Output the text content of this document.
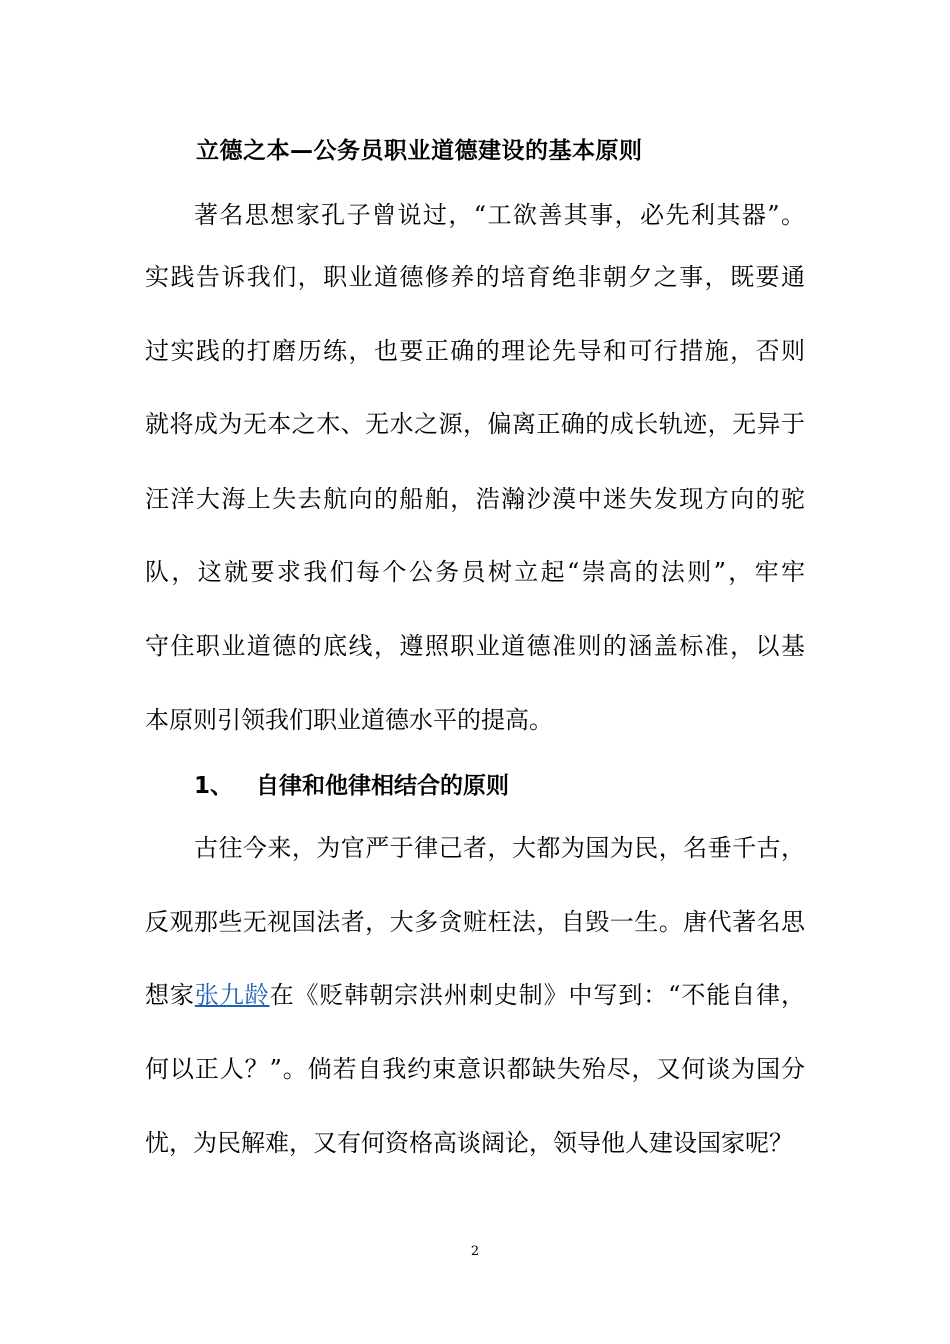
立德之本—公务员职业道德建设的基本原则
著名思想家孔子曾说过，“工欲善其事，必先利其器”。
实践告诉我们，职业道德修养的培育绝非朝夕之事，既要通
过实践的打磨历练，也要正确的理论先导和可行措施，否则
就将成为无本之木、无水之源，偏离正确的成长轨迹，无异于
汪洋大海上失去航向的船舶，浩瀚沙漠中迷失发现方向的驼
队，这就要求我们每个公务员树立起“崇高的法则”，牢牢
守住职业道德的底线，遵照职业道德准则的涵盖标准，以基
本原则引领我们职业道德水平的提高。
1、 自律和他律相结合的原则
古往今来，为官严于律己者，大都为国为民，名垂千古，
反观那些无视国法者，大多贪赃枉法，自毁一生。唐代著名思
想家张九龄在《贬韩朝宗洪州刺史制》中写到：“不能自律，
何以正人？”。倘若自我约束意识都缺失殆尽，又何谈为国分
忧，为民解难，又有何资格高谈阔论，领导他人建设国家呢？
2
